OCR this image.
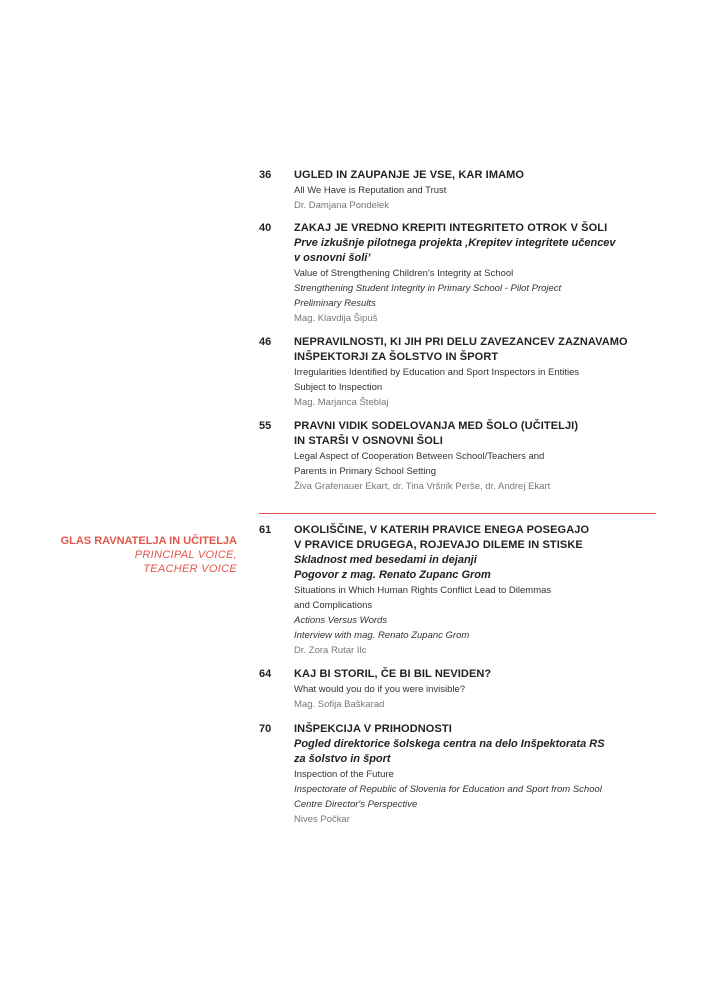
36	UGLED IN ZAUPANJE JE VSE, KAR IMAMO
All We Have is Reputation and Trust
Dr. Damjana Pondelek
40	ZAKAJ JE VREDNO KREPITI INTEGRITETO OTROK V ŠOLI
Prve izkušnje pilotnega projekta ‚Krepitev integritete učencev
v osnovni šoli’
Value of Strengthening Children's Integrity at School
Strengthening Student Integrity in Primary School - Pilot Project
Preliminary Results
Mag. Klavdija Šipuš
46	NEPRAVILNOSTI, KI JIH PRI DELU ZAVEZANCEV ZAZNAVAMO
INŠPEKTORJI ZA ŠOLSTVO IN ŠPORT
Irregularities Identified by Education and Sport Inspectors in Entities
Subject to Inspection
Mag. Marjanca Šteblaj
55	PRAVNI VIDIK SODELOVANJA MED ŠOLO (UČITELJI)
IN STARŠI V OSNOVNI ŠOLI
Legal Aspect of Cooperation Between School/Teachers and
Parents in Primary School Setting
Živa Grafenauer Ekart, dr. Tina Vršnik Perše, dr. Andrej Ekart
GLAS RAVNATELJA IN UČITELJA
PRINCIPAL VOICE,
TEACHER VOICE
61	OKOLIŠČINE, V KATERIH PRAVICE ENEGA POSEGAJO
V PRAVICE DRUGEGA, ROJEVAJO DILEME IN STISKE
Skladnost med besedami in dejanji
Pogovor z mag. Renato Zupanc Grom
Situations in Which Human Rights Conflict Lead to Dilemmas
and Complications
Actions Versus Words
Interview with mag. Renato Zupanc Grom
Dr. Zora Rutar Ilc
64	KAJ BI STORIL, ČE BI BIL NEVIDEN?
What would you do if you were invisible?
Mag. Sofija Baškarad
70	INŠPEKCIJA V PRIHODNOSTI
Pogled direktorice šolskega centra na delo Inšpektorata RS
za šolstvo in šport
Inspection of the Future
Inspectorate of Republic of Slovenia for Education and Sport from School
Centre Director's Perspective
Nives Počkar
